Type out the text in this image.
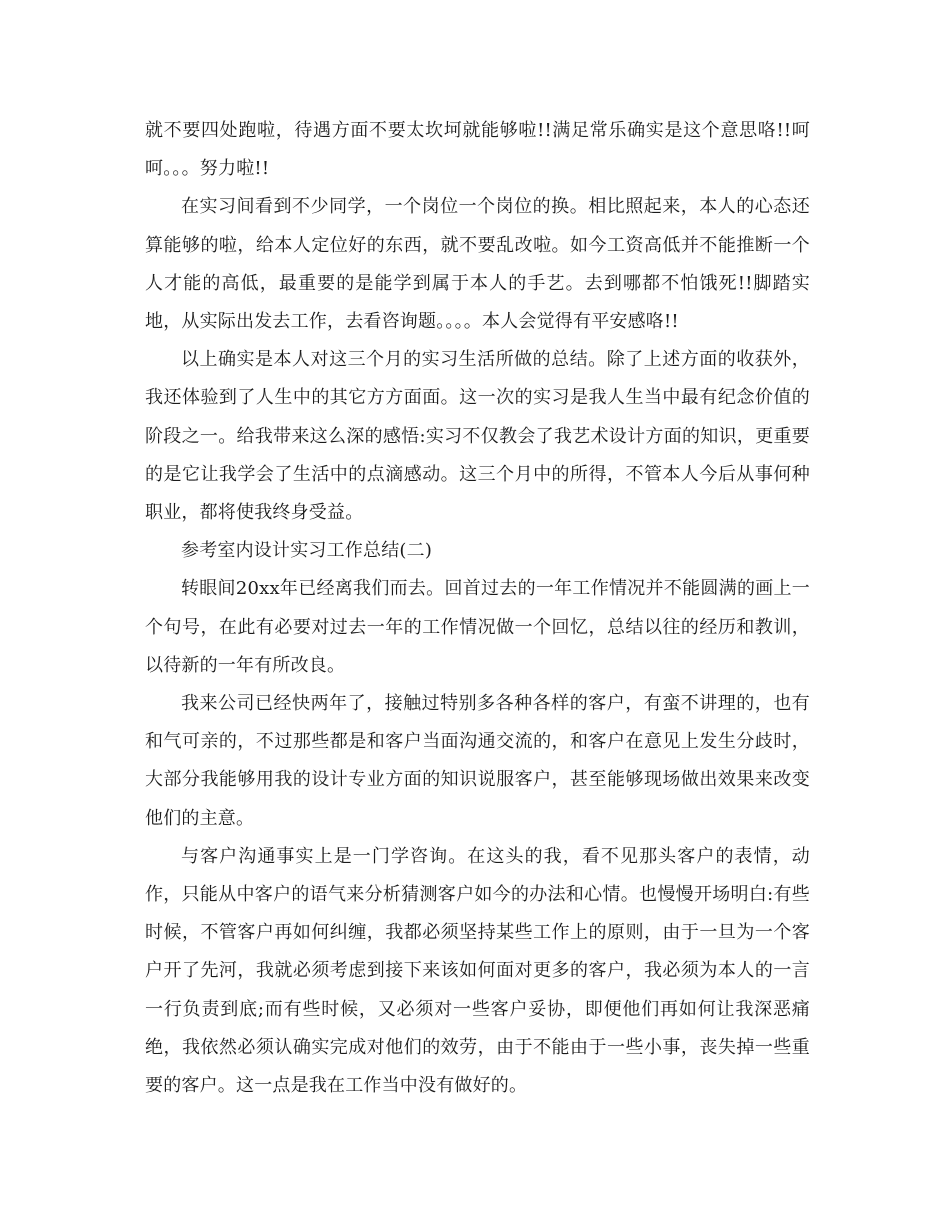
就不要四处跑啦，待遇方面不要太坎坷就能够啦!!满足常乐确实是这个意思咯!!呵呵。。。努力啦!!

在实习间看到不少同学，一个岗位一个岗位的换。相比照起来，本人的心态还算能够的啦，给本人定位好的东西，就不要乱改啦。如今工资高低并不能推断一个人才能的高低，最重要的是能学到属于本人的手艺。去到哪都不怕饿死!!脚踏实地，从实际出发去工作，去看咨询题。。。。本人会觉得有平安感咯!!

以上确实是本人对这三个月的实习生活所做的总结。除了上述方面的收获外，我还体验到了人生中的其它方方面面。这一次的实习是我人生当中最有纪念价值的阶段之一。给我带来这么深的感悟:实习不仅教会了我艺术设计方面的知识，更重要的是它让我学会了生活中的点滴感动。这三个月中的所得，不管本人今后从事何种职业，都将使我终身受益。

参考室内设计实习工作总结(二)

转眼间20xx年已经离我们而去。回首过去的一年工作情况并不能圆满的画上一个句号，在此有必要对过去一年的工作情况做一个回忆，总结以往的经历和教训，以待新的一年有所改良。

我来公司已经快两年了，接触过特别多各种各样的客户，有蛮不讲理的，也有和气可亲的，不过那些都是和客户当面沟通交流的，和客户在意见上发生分歧时，大部分我能够用我的设计专业方面的知识说服客户，甚至能够现场做出效果来改变他们的主意。

与客户沟通事实上是一门学咨询。在这头的我，看不见那头客户的表情，动作，只能从中客户的语气来分析猜测客户如今的办法和心情。也慢慢开场明白:有些时候，不管客户再如何纠缠，我都必须坚持某些工作上的原则，由于一旦为一个客户开了先河，我就必须考虑到接下来该如何面对更多的客户，我必须为本人的一言一行负责到底;而有些时候，又必须对一些客户妥协，即便他们再如何让我深恶痛绝，我依然必须认确实完成对他们的效劳，由于不能由于一些小事，丧失掉一些重要的客户。这一点是我在工作当中没有做好的。
